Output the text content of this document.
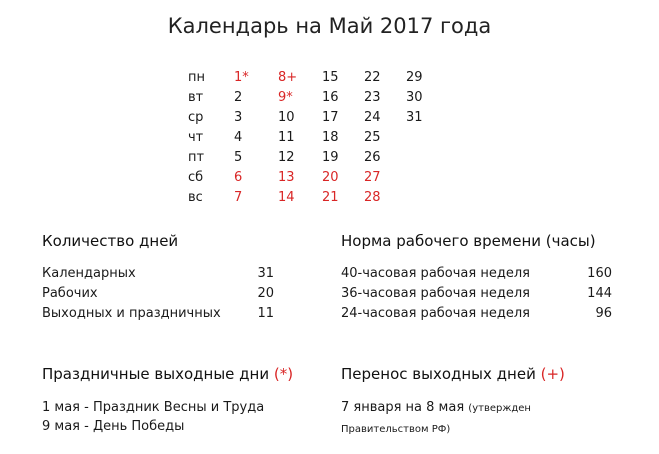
Календарь на Май 2017 года
пн 1* 8+ 15 22 29
вт 2	9* 16 23 30
ср 3	10 17 24 31
чт 4	11 18 25
пт 5	12 19 26
сб 6	13 20 27
вс 7	14 21 28
Количество дней
Календарных	31
Рабочих	20
Выходных и праздничных	11
Норма рабочего времени (часы)
40-часовая рабочая неделя	160
36-часовая рабочая неделя	144
24-часовая рабочая неделя	96
Праздничные выходные дни (*)
1 мая - Праздник Весны и Труда
9 мая - День Победы
Перенос выходных дней (+)
7 января на 8 мая (утвержден
Правительством РФ)
